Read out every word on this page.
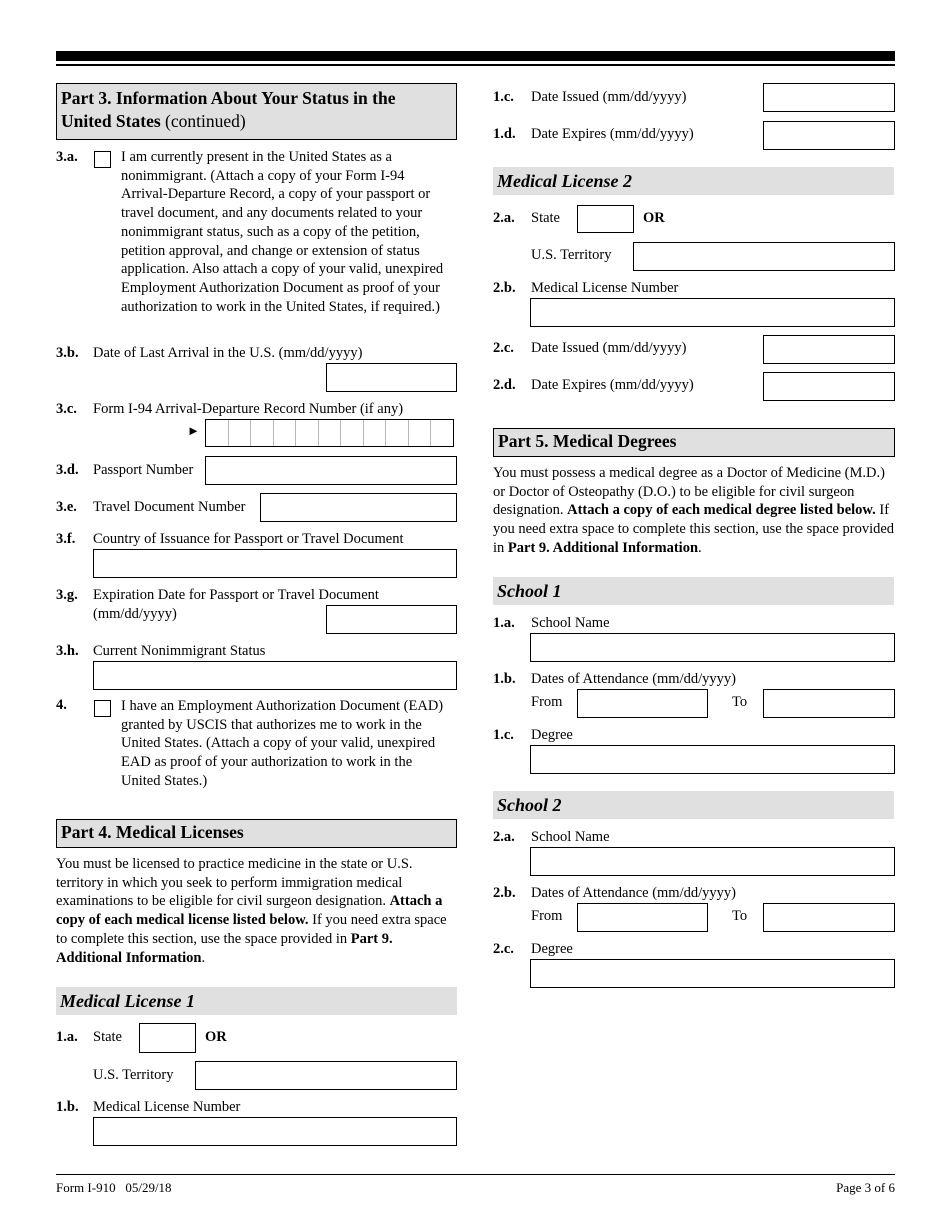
Part 3. Information About Your Status in the
United States (continued)
3.a.	I am currently present in the United States as a nonimmigrant. (Attach a copy of your Form I-94 Arrival-Departure Record, a copy of your passport or travel document, and any documents related to your nonimmigrant status, such as a copy of the petition, petition approval, and change or extension of status application. Also attach a copy of your valid, unexpired Employment Authorization Document as proof of your authorization to work in the United States, if required.)
3.b. Date of Last Arrival in the U.S. (mm/dd/yyyy)
3.c. Form I-94 Arrival-Departure Record Number (if any)
►
3.d. Passport Number
3.e. Travel Document Number
3.f. Country of Issuance for Passport or Travel Document
3.g. Expiration Date for Passport or Travel Document
(mm/dd/yyyy)
3.h. Current Nonimmigrant Status
4.	I have an Employment Authorization Document (EAD) granted by USCIS that authorizes me to work in the United States. (Attach a copy of your valid, unexpired EAD as proof of your authorization to work in the United States.)
Part 4. Medical Licenses
You must be licensed to practice medicine in the state or U.S. territory in which you seek to perform immigration medical examinations to be eligible for civil surgeon designation. Attach a copy of each medical license listed below. If you need extra space to complete this section, use the space provided in Part 9. Additional Information.
Medical License 1
1.a. State	OR
U.S. Territory
1.b. Medical License Number
1.c. Date Issued (mm/dd/yyyy)
1.d. Date Expires (mm/dd/yyyy)
Medical License 2
2.a. State	OR
U.S. Territory
2.b. Medical License Number
2.c. Date Issued (mm/dd/yyyy)
2.d. Date Expires (mm/dd/yyyy)
Part 5. Medical Degrees
You must possess a medical degree as a Doctor of Medicine (M.D.) or Doctor of Osteopathy (D.O.) to be eligible for civil surgeon designation. Attach a copy of each medical degree listed below. If you need extra space to complete this section, use the space provided in Part 9. Additional Information.
School 1
1.a. School Name
1.b. Dates of Attendance (mm/dd/yyyy)
From	To
1.c. Degree
School 2
2.a. School Name
2.b. Dates of Attendance (mm/dd/yyyy)
From	To
2.c. Degree
Form I-910   05/29/18	Page 3 of 6
